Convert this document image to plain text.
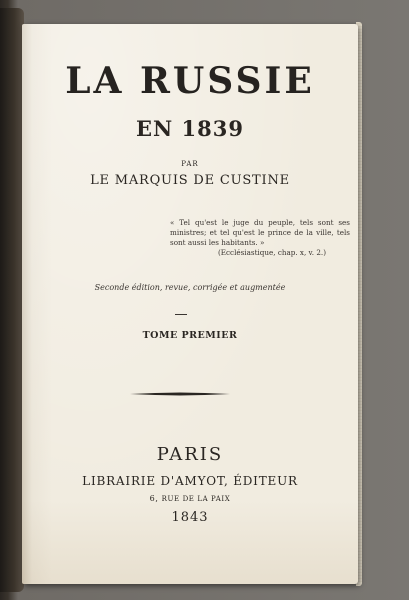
LA RUSSIE
EN 1839
PAR
LE MARQUIS DE CUSTINE
« Tel qu'est le juge du peuple, tels sont ses ministres; et tel qu'est le prince de la ville, tels sont aussi les habitants. »
(Ecclésiastique, chap. x, v. 2.)
Seconde édition, revue, corrigée et augmentée
TOME PREMIER
PARIS
LIBRAIRIE D'AMYOT, ÉDITEUR
6, RUE DE LA PAIX
1843
